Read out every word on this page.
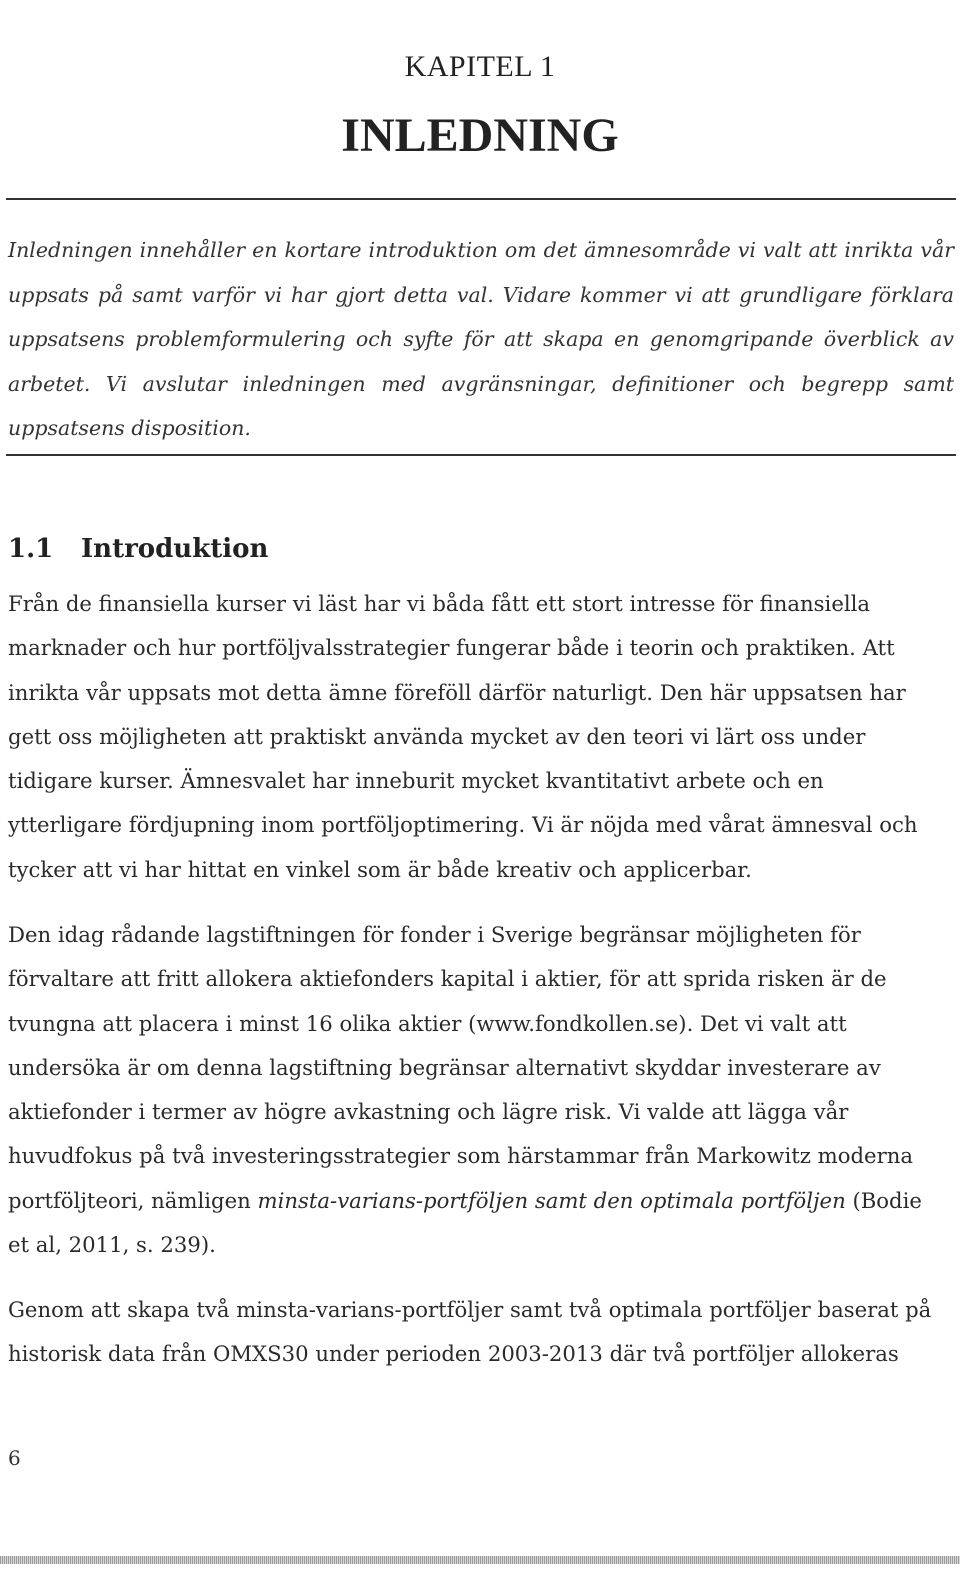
KAPITEL 1
INLEDNING
Inledningen innehåller en kortare introduktion om det ämnesområde vi valt att inrikta vår uppsats på samt varför vi har gjort detta val. Vidare kommer vi att grundligare förklara uppsatsens problemformulering och syfte för att skapa en genomgripande överblick av arbetet. Vi avslutar inledningen med avgränsningar, definitioner och begrepp samt uppsatsens disposition.
1.1 Introduktion

Från de finansiella kurser vi läst har vi båda fått ett stort intresse för finansiella marknader och hur portföljvalsstrategier fungerar både i teorin och praktiken. Att inrikta vår uppsats mot detta ämne föreföll därför naturligt. Den här uppsatsen har gett oss möjligheten att praktiskt använda mycket av den teori vi lärt oss under tidigare kurser. Ämnesvalet har inneburit mycket kvantitativt arbete och en ytterligare fördjupning inom portföljoptimering. Vi är nöjda med vårat ämnesval och tycker att vi har hittat en vinkel som är både kreativ och applicerbar.

Den idag rådande lagstiftningen för fonder i Sverige begränsar möjligheten för förvaltare att fritt allokera aktiefonders kapital i aktier, för att sprida risken är de tvungna att placera i minst 16 olika aktier (www.fondkollen.se). Det vi valt att undersöka är om denna lagstiftning begränsar alternativt skyddar investerare av aktiefonder i termer av högre avkastning och lägre risk. Vi valde att lägga vår huvudfokus på två investeringsstrategier som härstammar från Markowitz moderna portföljteori, nämligen minsta-varians-portföljen samt den optimala portföljen (Bodie et al, 2011, s. 239).

Genom att skapa två minsta-varians-portföljer samt två optimala portföljer baserat på historisk data från OMXS30 under perioden 2003-2013 där två portföljer allokeras

6
